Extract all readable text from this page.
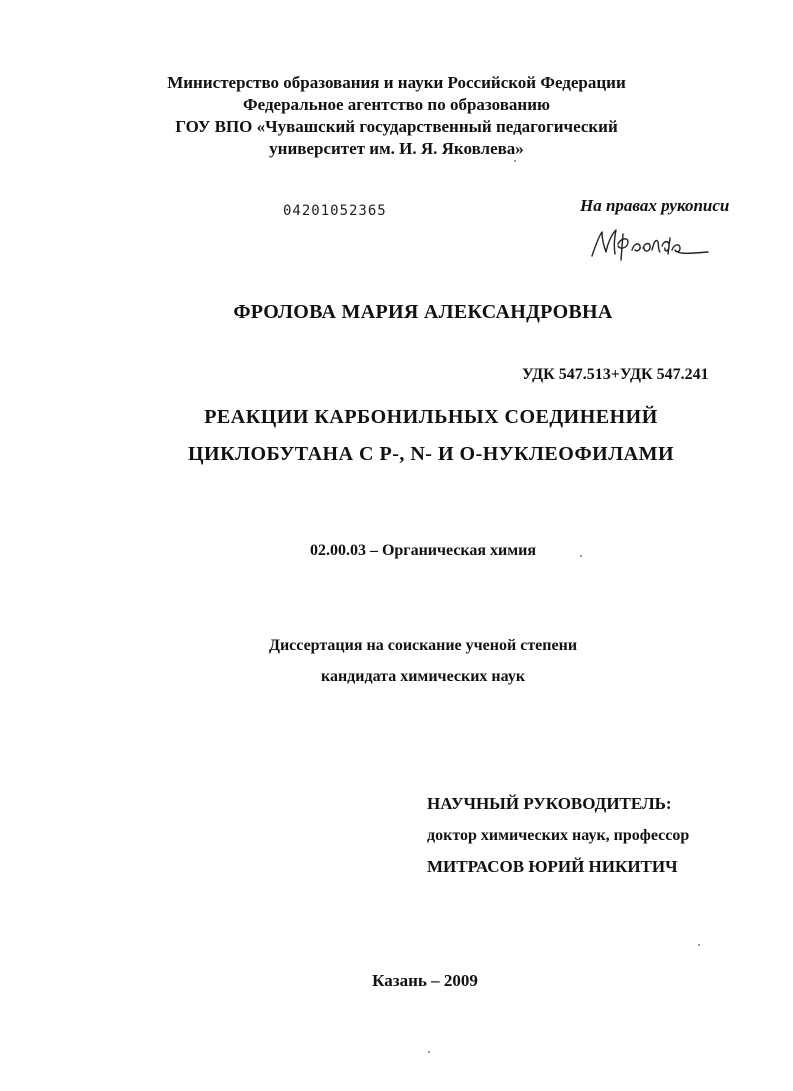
Министерство образования и науки Российской Федерации
Федеральное агентство по образованию
ГОУ ВПО «Чувашский государственный педагогический
университет им. И. Я. Яковлева»
04201052365	На правах рукописи
ФРОЛОВА МАРИЯ АЛЕКСАНДРОВНА
УДК 547.513+УДК 547.241
РЕАКЦИИ КАРБОНИЛЬНЫХ СОЕДИНЕНИЙ
ЦИКЛОБУТАНА С P-, N- И O-НУКЛЕОФИЛАМИ
02.00.03 – Органическая химия
Диссертация на соискание ученой степени
кандидата химических наук
НАУЧНЫЙ РУКОВОДИТЕЛЬ:
доктор химических наук, профессор
МИТРАСОВ ЮРИЙ НИКИТИЧ
Казань – 2009
